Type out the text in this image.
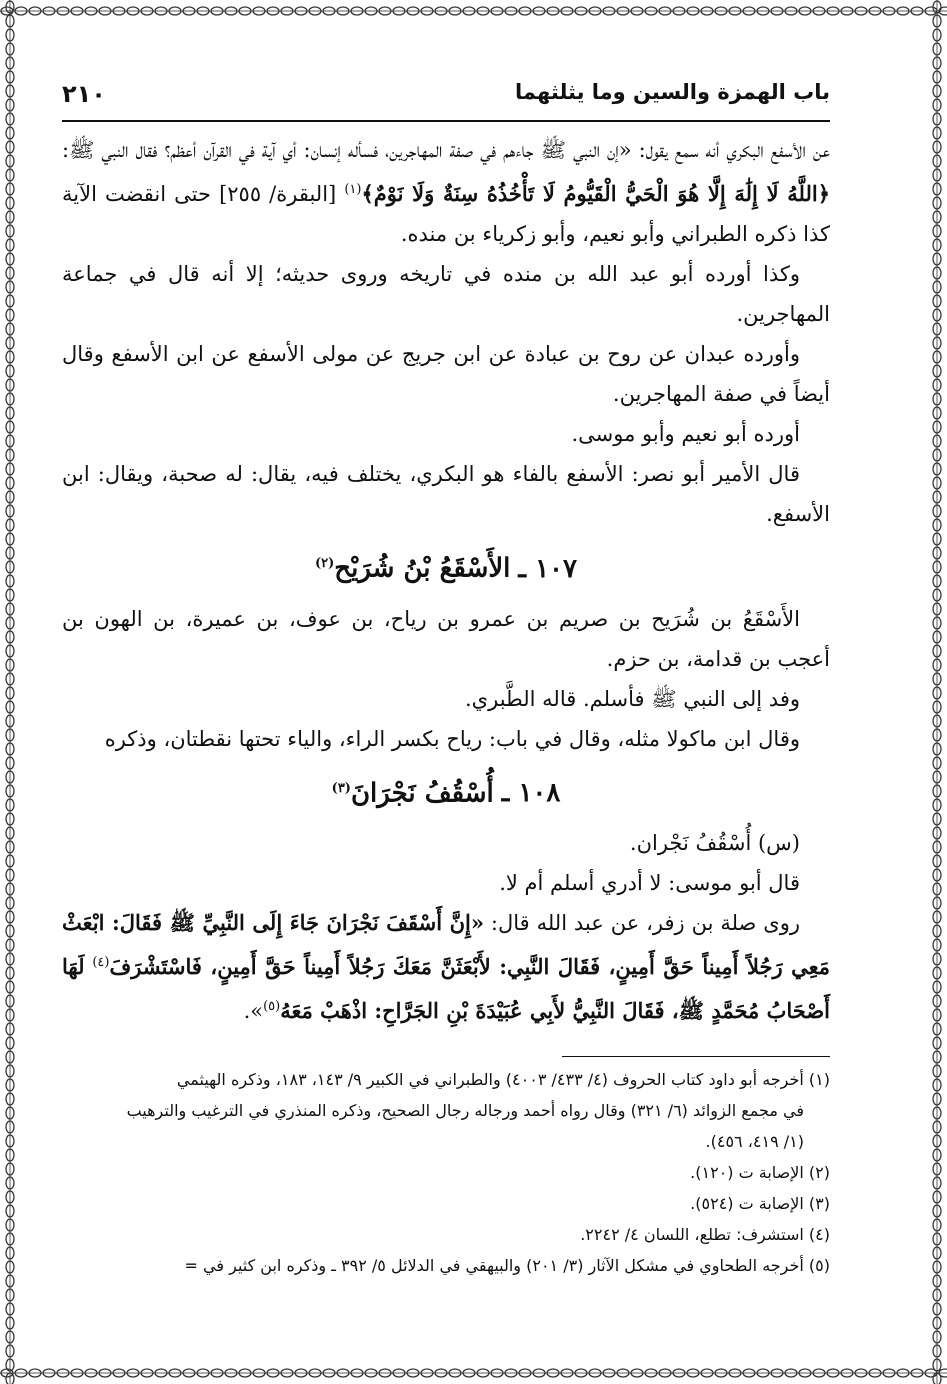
باب الهمزة والسين وما يثلثهما
٢١٠

عن الأسفع البكري أنه سمع يقول: «إن النبي ﷺ جاءهم في صفة المهاجرين، فسأله إنسان: أي آية في القرآن أعظم؟ فقال النبي ﷺ: ﴿اللَّهُ لَا إِلَٰهَ إِلَّا هُوَ الْحَيُّ الْقَيُّومُ لَا تَأْخُذُهُ سِنَةٌ وَلَا نَوْمٌ﴾$^{(١)}$ [البقرة/ ٢٥٥] حتى انقضت الآية كذا ذكره الطبراني وأبو نعيم، وأبو زكرياء بن منده.

وكذا أورده أبو عبد الله بن منده في تاريخه وروى حديثه؛ إلا أنه قال في جماعة المهاجرين.

وأورده عبدان عن روح بن عبادة عن ابن جريج عن مولى الأسفع عن ابن الأسفع وقال أيضاً في صفة المهاجرين.

أورده أبو نعيم وأبو موسى.

قال الأمير أبو نصر: الأسفع بالفاء هو البكري، يختلف فيه، يقال: له صحبة، ويقال: ابن الأسفع.

١٠٧ ـالأَسْقَعُ بْنُ شُرَيْح$^{(٢)}$

الأَسْقَعُ بن شُرَيح بن صريم بن عمرو بن رياح، بن عوف، بن عميرة، بن الهون بن أعجب بن قدامة، بن حزم.

وفد إلى النبي ﷺ فأسلم. قاله الطَّبري.

وقال ابن ماكولا مثله، وقال في باب: رياح بكسر الراء، والياء تحتها نقطتان، وذكره

١٠٨ ـأُسْقُفُ نَجْرَانَ$^{(٣)}$

(س) أُسْقُفُ نَجْران.

قال أبو موسى: لا أدري أسلم أم لا.

روى صلة بن زفر، عن عبد الله قال: «إِنَّ أَسْقَفَ نَجْرَانَ جَاءَ إِلَى النَّبِيِّ ﷺ فَقَالَ: ابْعَثْ مَعِي رَجُلاً أَمِيناً حَقَّ أَمِينٍ، فَقَالَ النَّبِي: لأَبْعَثَنَّ مَعَكَ رَجُلاً أَمِيناً حَقَّ أَمِينٍ، فَاسْتَشْرَفَ$^{(٤)}$ لَهَا أَصْحَابُ مُحَمَّدٍ ﷺ، فَقَالَ النَّبِيُّ لأَبِي عُبَيْدَةَ بْنِ الجَرَّاحِ: اذْهَبْ مَعَهُ$^{(٥)}$».

(١) أخرجه أبو داود كتاب الحروف (٤/ ٤٣٣/ ٤٠٠٣) والطبراني في الكبير ٩/ ١٤٣، ١٨٣، وذكره الهيثمي

في مجمع الزوائد (٦/ ٣٢١) وقال رواه أحمد ورجاله رجال الصحيح، وذكره المنذري في الترغيب والترهيب

(١/ ٤١٩، ٤٥٦).

(٢) الإصابة ت (١٢٠).

(٣) الإصابة ت (٥٢٤).

(٤) استشرف: تطلع، اللسان ٤/ ٢٢٤٢.

(٥) أخرجه الطحاوي في مشكل الآثار (٣/ ٢٠١) والبيهقي في الدلائل ٥/ ٣٩٢ ـ وذكره ابن كثير في =
